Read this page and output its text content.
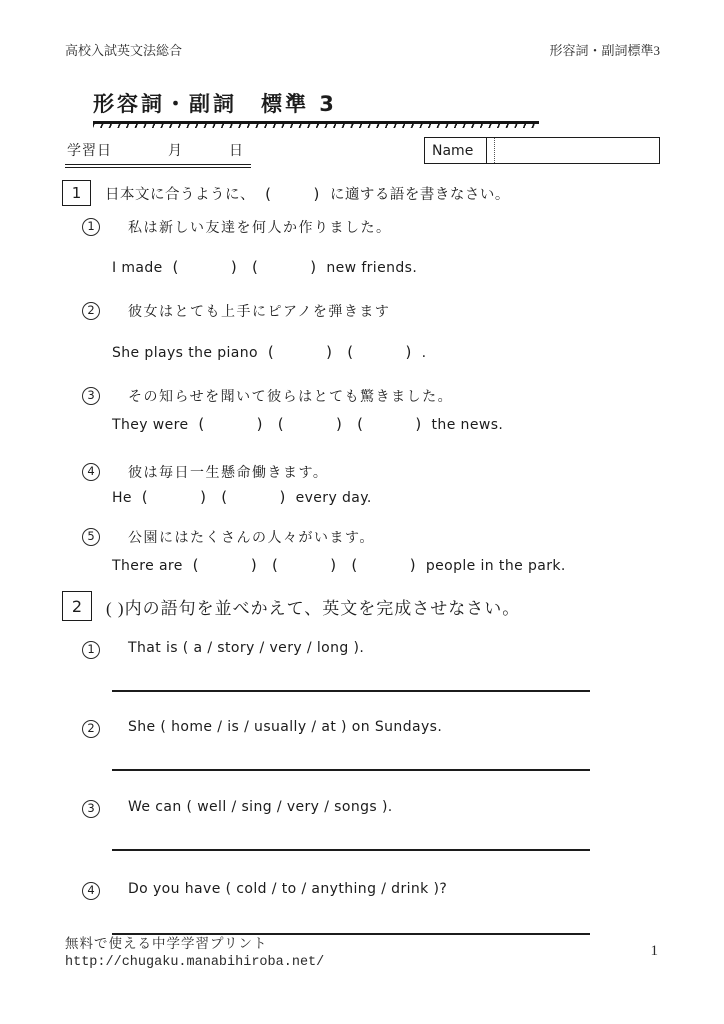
高校入試英文法総合	形容詞・副詞標準3
形容詞・副詞　標準 3
学習日	月	日	Name
1	日本文に合うように、 (	) に適する語を書きなさい。
1	私は新しい友達を何人か作りました。
I made (	)
(	) new friends.
2	彼女はとても上手にピアノを弾きます
She plays the piano (	)
(	) .
3	その知らせを聞いて彼らはとても驚きました。
They were (	)
(	)
(	) the news.
4	彼は毎日一生懸命働きます。
He (	)
(	) every day.
5	公園にはたくさんの人々がいます。
There are (	)
(	)
(	) people in the park.
2	( )内の語句を並べかえて、英文を完成させなさい。
1	That is ( a / story / very / long ).
2	She ( home / is / usually / at ) on Sundays.
3	We can ( well / sing / very / songs ).
4	Do you have ( cold / to / anything / drink )?
無料で使える中学学習プリント
http://chugaku.manabihiroba.net/
1
